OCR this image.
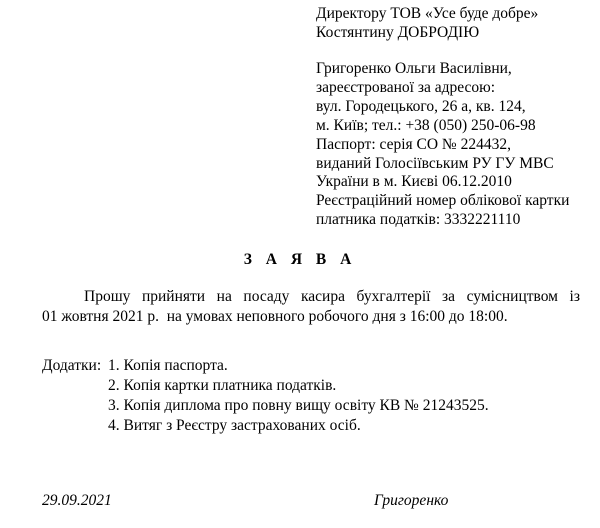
Директору ТОВ «Усе буде добре»
Костянтину ДОБРОДІЮ
Григоренко Ольги Василівни,
зареєстрованої за адресою:
вул. Городецького, 26 а, кв. 124,
м. Київ; тел.: +38 (050) 250-06-98
Паспорт: серія СО № 224432,
виданий Голосіївським РУ ГУ МВС
України в м. Києві 06.12.2010
Реєстраційний номер облікової картки
платника податків: 3332221110
З А Я В А
Прошу прийняти на посаду касира бухгалтерії за сумісництвом із
01 жовтня 2021 р.  на умовах неповного робочого дня з 16:00 до 18:00.
Додатки: 1. Копія паспорта.
2. Копія картки платника податків.
3. Копія диплома про повну вищу освіту КВ № 21243525.
4. Витяг з Реєстру застрахованих осіб.
29.09.2021	Григоренко
